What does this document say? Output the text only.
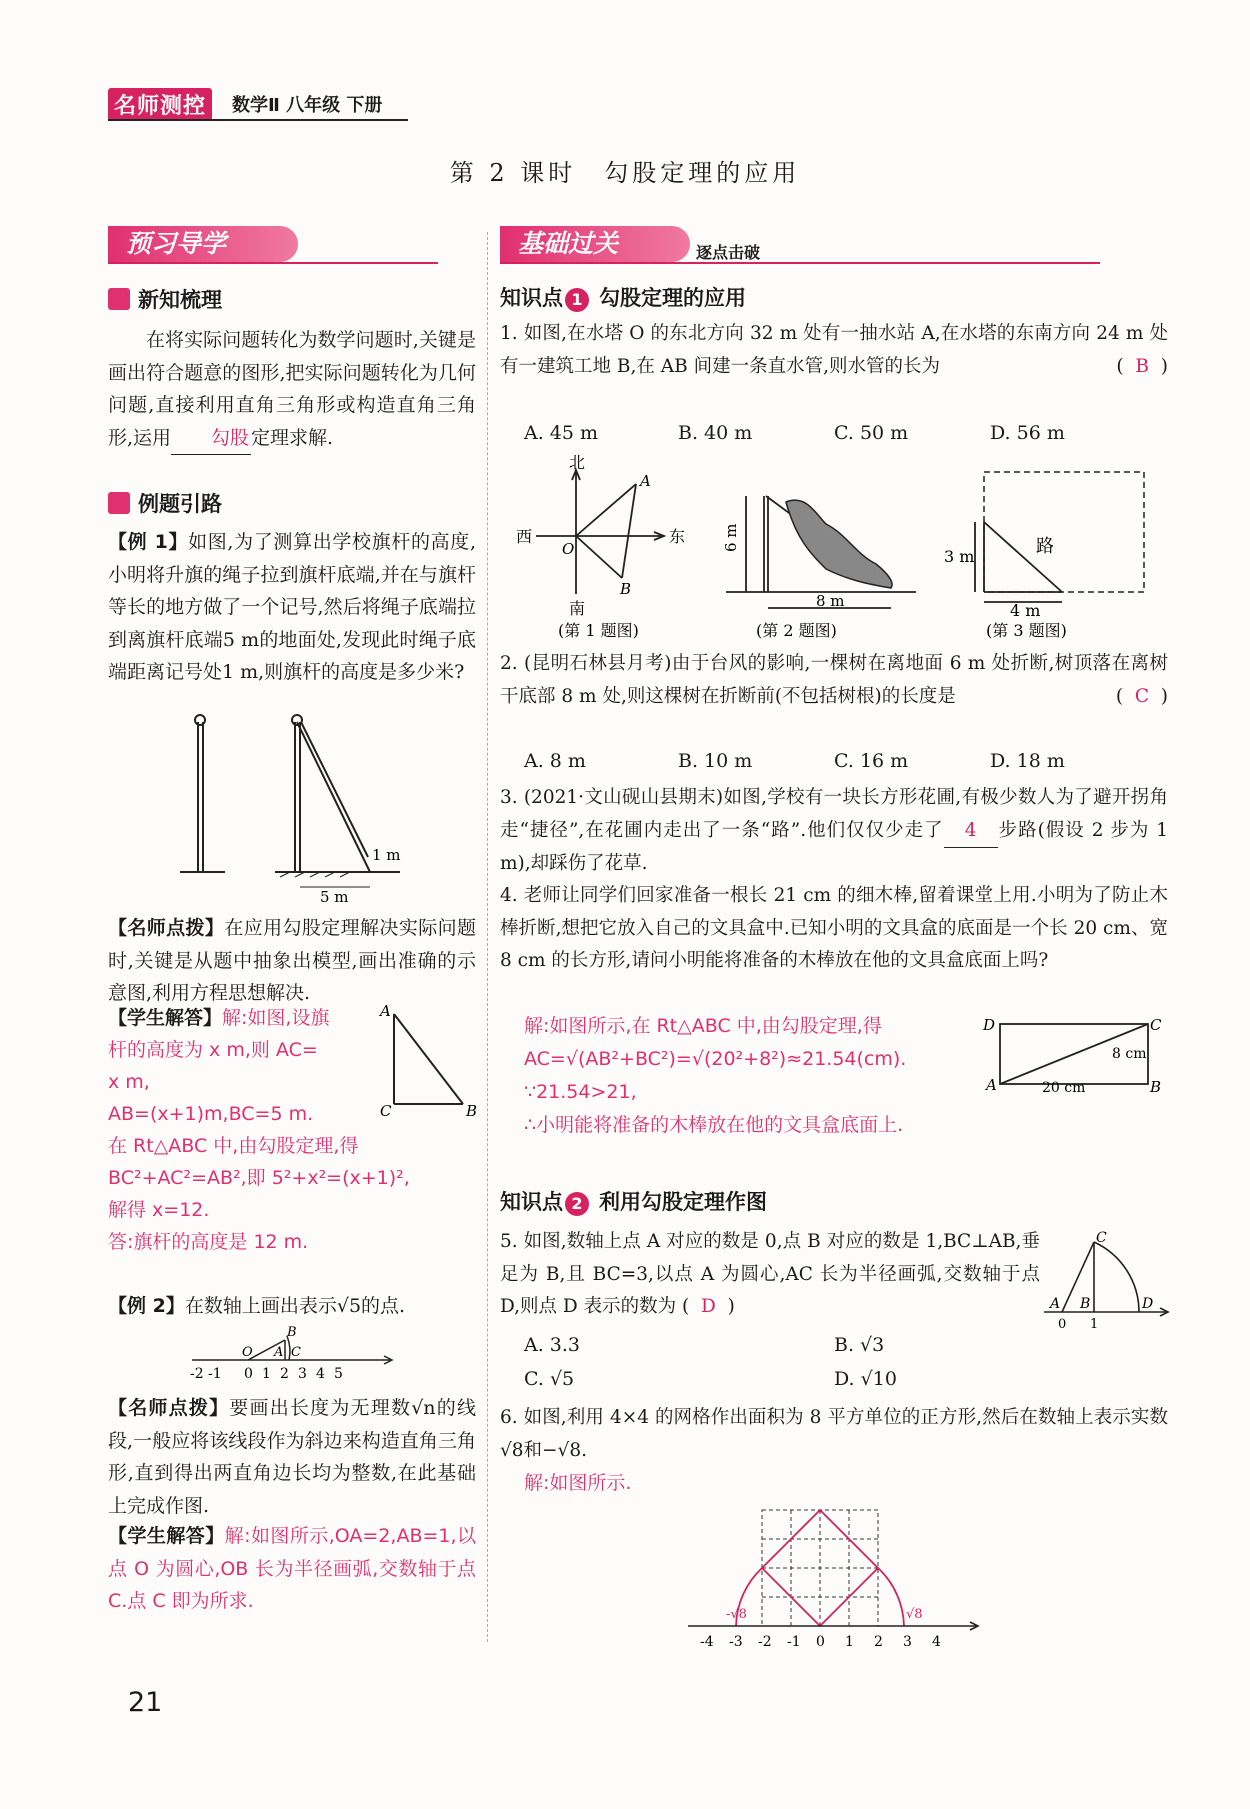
名师测控	数学Ⅱ 八年级 下册
第 2 课时　勾股定理的应用
预习导学
新知梳理
在将实际问题转化为数学问题时,关键是画出符合题意的图形,把实际问题转化为几何问题,直接利用直角三角形或构造直角三角形,运用 勾股 定理求解.
例题引路
【例 1】如图,为了测算出学校旗杆的高度,小明将升旗的绳子拉到旗杆底端,并在与旗杆等长的地方做了一个记号,然后将绳子底端拉到离旗杆底端5 m的地面处,发现此时绳子底端距离记号处1 m,则旗杆的高度是多少米?
1 m
5 m
【名师点拨】在应用勾股定理解决实际问题时,关键是从题中抽象出模型,画出准确的示意图,利用方程思想解决.
【学生解答】解:如图,设旗
杆的高度为 x m,则 AC=
x m,
AB=(x+1)m,BC=5 m.
在 Rt△ABC 中,由勾股定理,得
BC²+AC²=AB²,即 5²+x²=(x+1)²,
解得 x=12.
答:旗杆的高度是 12 m.
C	B
A
【例 2】在数轴上画出表示√5的点.
O A
B
C
-2 -1 0 1 2 3 4 5
【名师点拨】要画出长度为无理数√n的线段,一般应将该线段作为斜边来构造直角三角形,直到得出两直角边长均为整数,在此基础上完成作图.
【学生解答】解:如图所示,OA=2,AB=1,以点 O 为圆心,OB 长为半径画弧,交数轴于点 C.点 C 即为所求.
基础过关	逐点击破
知识点 1 勾股定理的应用
1. 如图,在水塔 O 的东北方向 32 m 处有一抽水站 A,在水塔的东南方向 24 m 处有一建筑工地 B,在 AB 间建一条直水管,则水管的长为	(  B  )
A. 45 m	B. 40 m	C. 50 m	D. 56 m
北
南
西	东
O
A
B
(第 1 题图)
6 m
8 m
(第 2 题图)
3 m	路
4 m
(第 3 题图)
2. (昆明石林县月考)由于台风的影响,一棵树在离地面 6 m 处折断,树顶落在离树干底部 8 m 处,则这棵树在折断前(不包括树根)的长度是	(  C  )
A. 8 m	B. 10 m	C. 16 m	D. 18 m
3. (2021·文山砚山县期末)如图,学校有一块长方形花圃,有极少数人为了避开拐角走“捷径”,在花圃内走出了一条“路”.他们仅仅少走了 4 步路(假设 2 步为 1 m),却踩伤了花草.
4. 老师让同学们回家准备一根长 21 cm 的细木棒,留着课堂上用.小明为了防止木棒折断,想把它放入自己的文具盒中.已知小明的文具盒的底面是一个长 20 cm、宽 8 cm 的长方形,请问小明能将准备的木棒放在他的文具盒底面上吗?
解:如图所示,在 Rt△ABC 中,由勾股定理,得
AC=√(AB²+BC²)=√(20²+8²)≈21.54(cm).
∵21.54>21,
∴小明能将准备的木棒放在他的文具盒底面上.
D	C
A	B
20 cm
8 cm
知识点 2 利用勾股定理作图
5. 如图,数轴上点 A 对应的数是 0,点 B 对应的数是 1,BC⊥AB,垂足为 B,且 BC=3,以点 A 为圆心,AC 长为半径画弧,交数轴于点 D,则点 D 表示的数为 (  D  )
A. 3.3	B. √3
C. √5	D. √10
A B
C
D
0 1
6. 如图,利用 4×4 的网格作出面积为 8 平方单位的正方形,然后在数轴上表示实数√8和−√8.
解:如图所示.
-√8	√8
-4 -3 -2 -1 0 1 2 3 4
21
